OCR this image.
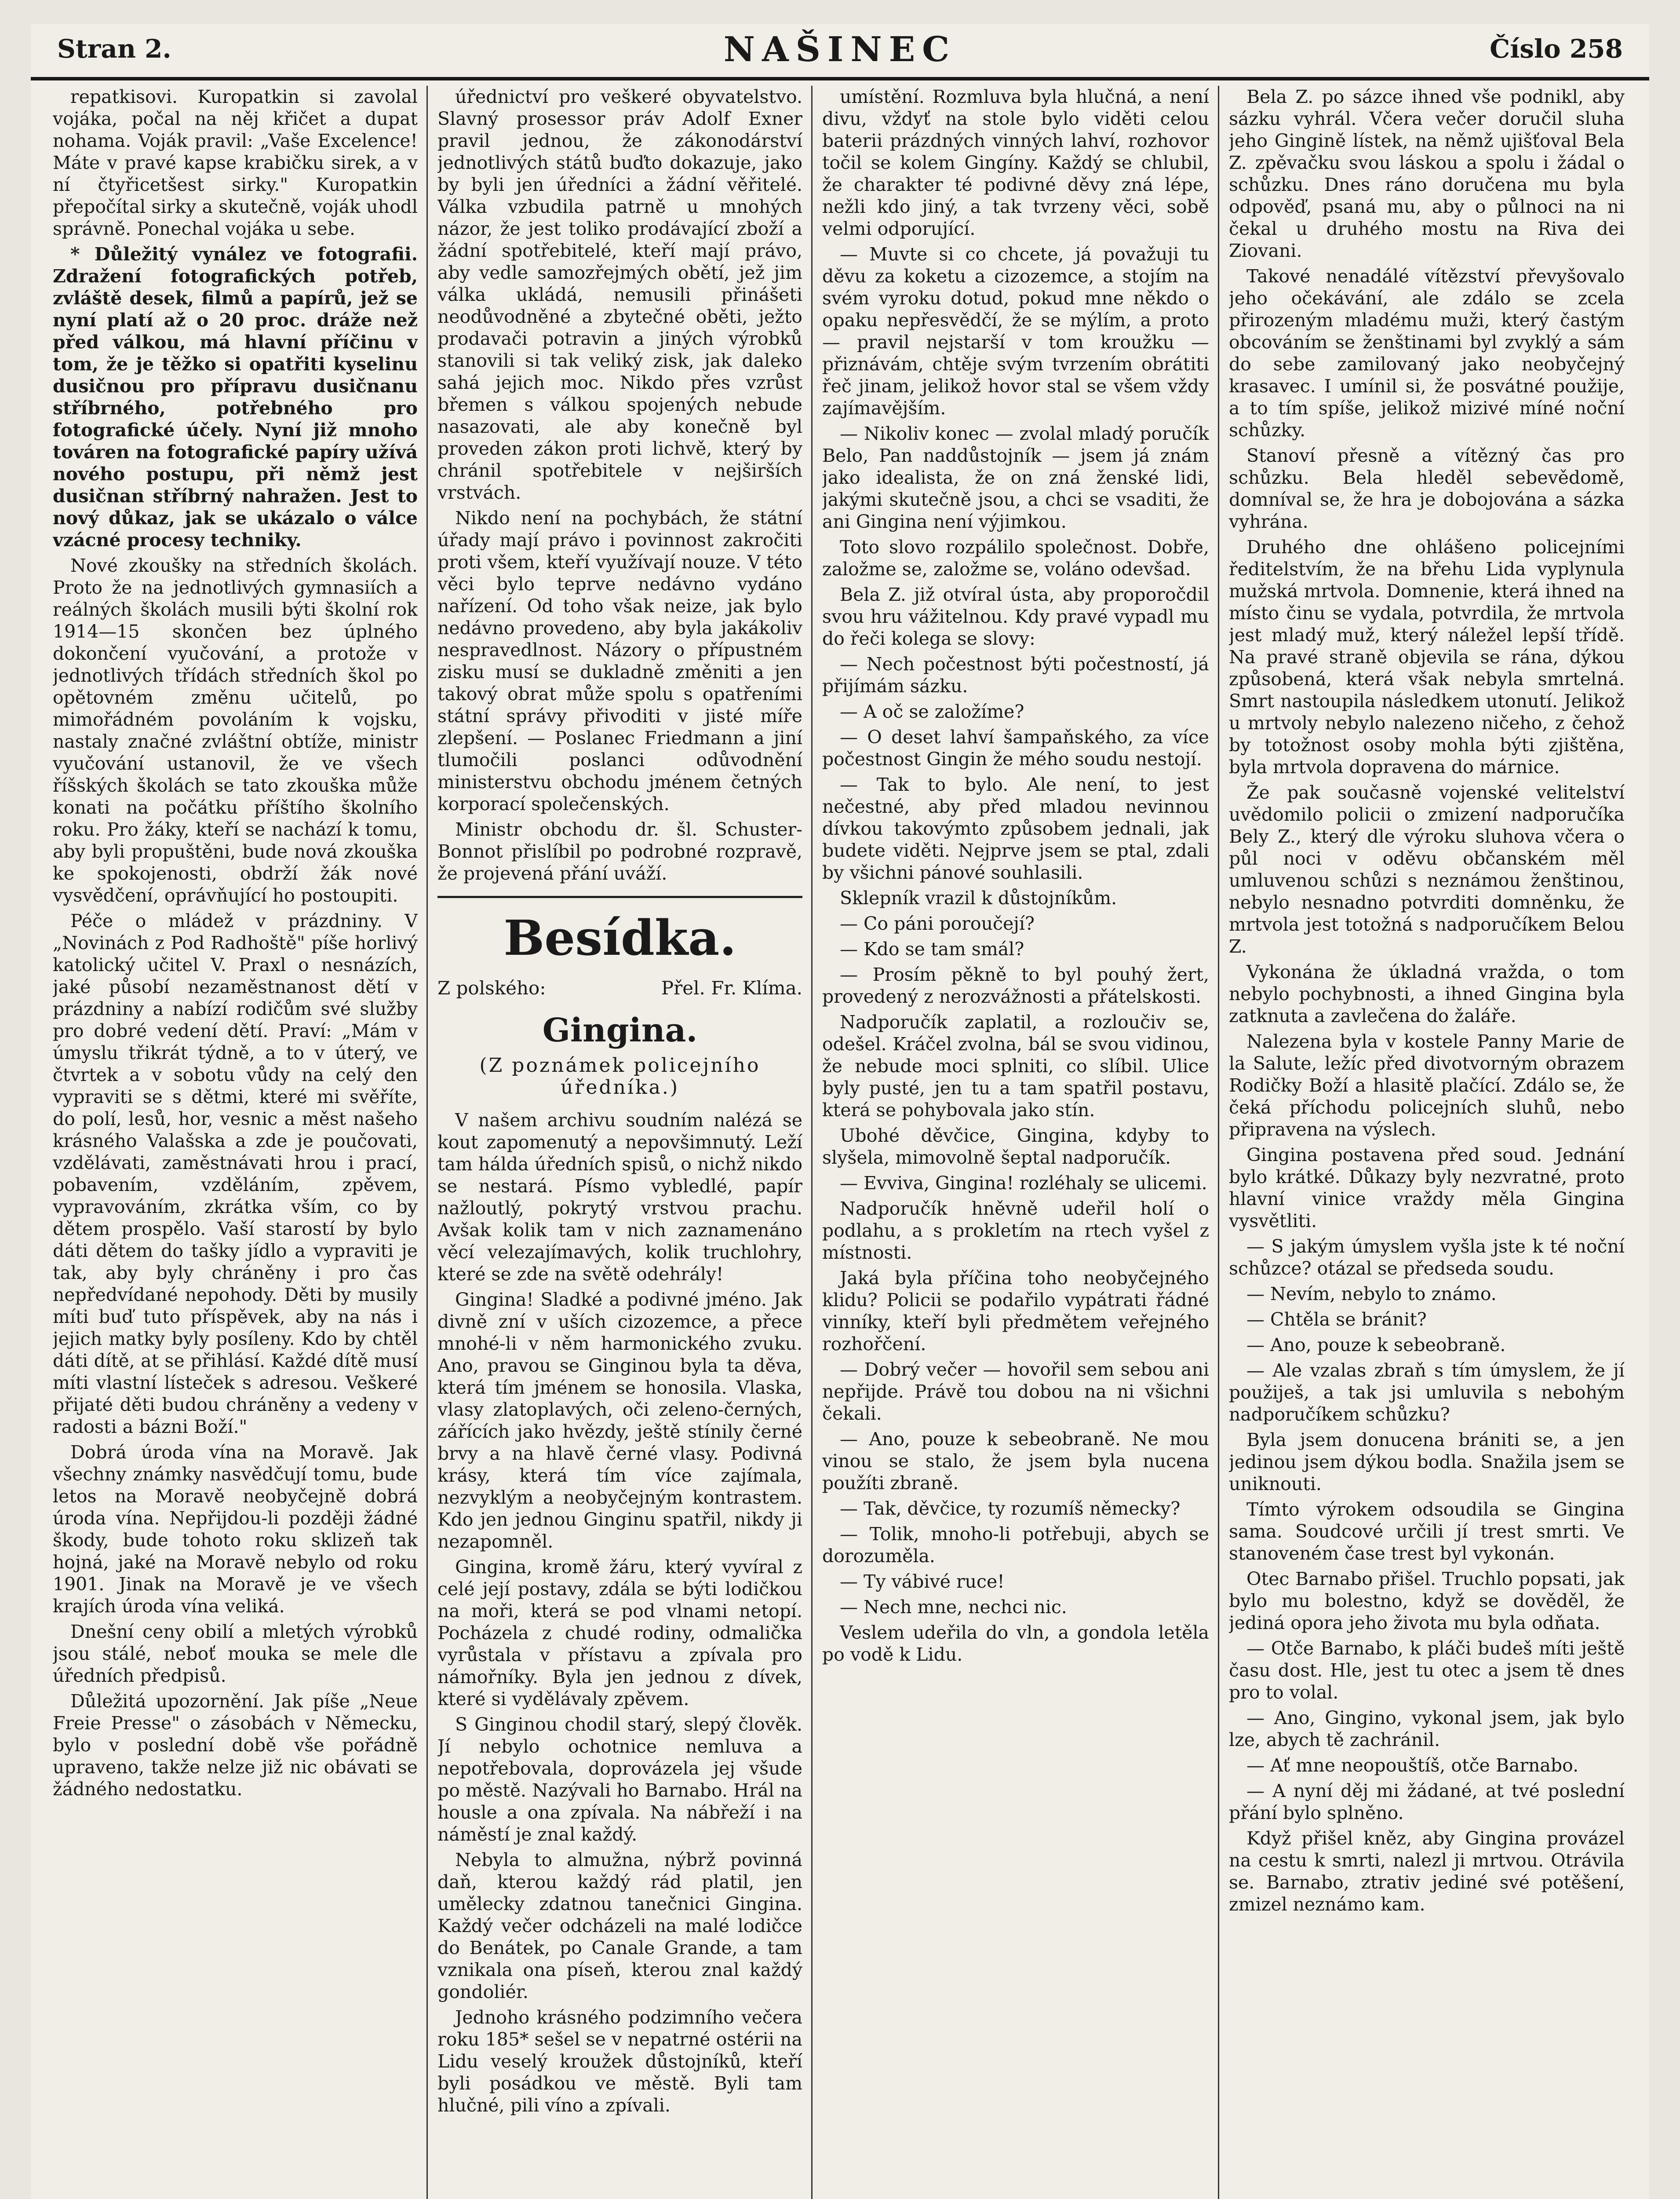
Stran 2.	NAŠINEC	Číslo 258

repatkisovi. Kuropatkin si zavolal vojáka, počal na něj křičet a dupat nohama. Voják pravil: „Vaše Excelence! Máte v pravé kapse krabičku sirek, a v ní čtyřicetšest sirky." Kuropatkin přepočítal sirky a skutečně, voják uhodl správně. Ponechal vojáka u sebe.

* Důležitý vynález ve fotografii. Zdražení fotografických potřeb, zvláště desek, filmů a papírů, jež se nyní platí až o 20 proc. dráže než před válkou, má hlavní příčinu v tom, že je těžko si opatřiti kyselinu dusičnou pro přípravu dusičnanu stříbrného, potřebného pro fotografické účely. Nyní již mnoho továren na fotografické papíry užívá nového postupu, při němž jest dusičnan stříbrný nahražen. Jest to nový důkaz, jak se ukázalo o válce vzácné procesy techniky.

Nové zkoušky na středních školách. Proto že na jednotlivých gymnasiích a reálných školách musili býti školní rok 1914—15 skončen bez úplného dokončení vyučování, a protože v jednotlivých třídách středních škol po opětovném změnu učitelů, po mimořádném povoláním k vojsku, nastaly značné zvláštní obtíže, ministr vyučování ustanovil, že ve všech říšských školách se tato zkouška může konati na počátku příštího školního roku. Pro žáky, kteří se nachází k tomu, aby byli propuštěni, bude nová zkouška ke spokojenosti, obdrží žák nové vysvědčení, oprávňující ho postoupiti.

Péče o mládež v prázdniny. V „Novinách z Pod Radhoště" píše horlivý katolický učitel V. Praxl o nesnázích, jaké působí nezaměstnanost dětí v prázdniny a nabízí rodičům své služby pro dobré vedení dětí. Praví: „Mám v úmyslu třikrát týdně, a to v úterý, ve čtvrtek a v sobotu vůdy na celý den vypraviti se s dětmi, které mi svěříte, do polí, lesů, hor, vesnic a měst našeho krásného Valašska a zde je poučovati, vzdělávati, zaměstnávati hrou i prací, pobavením, vzděláním, zpěvem, vypravováním, zkrátka vším, co by dětem prospělo. Vaší starostí by bylo dáti dětem do tašky jídlo a vypraviti je tak, aby byly chráněny i pro čas nepředvídané nepohody. Děti by musily míti buď tuto příspěvek, aby na nás i jejich matky byly posíleny. Kdo by chtěl dáti dítě, at se přihlásí. Každé dítě musí míti vlastní lísteček s adresou. Veškeré přijaté děti budou chráněny a vedeny v radosti a bázni Boží."

Dobrá úroda vína na Moravě. Jak všechny známky nasvědčují tomu, bude letos na Moravě neobyčejně dobrá úroda vína. Nepřijdou-li později žádné škody, bude tohoto roku sklizeň tak hojná, jaké na Moravě nebylo od roku 1901. Jinak na Moravě je ve všech krajích úroda vína veliká.

Dnešní ceny obilí a mletých výrobků jsou stálé, neboť mouka se mele dle úředních předpisů.

Důležitá upozornění. Jak píše „Neue Freie Presse" o zásobách v Německu, bylo v poslední době vše pořádně upraveno, takže nelze již nic obávati se žádného nedostatku.

úřednictví pro veškeré obyvatelstvo. Slavný prosessor práv Adolf Exner pravil jednou, že zákonodárství jednotlivých států buďto dokazuje, jako by byli jen úředníci a žádní věřitelé. Válka vzbudila patrně u mnohých názor, že jest toliko prodávající zboží a žádní spotřebitelé, kteří mají právo, aby vedle samozřejmých obětí, jež jim válka ukládá, nemusili přinášeti neodůvodněné a zbytečné oběti, ježto prodavači potravin a jiných výrobků stanovili si tak veliký zisk, jak daleko sahá jejich moc. Nikdo přes vzrůst břemen s válkou spojených nebude nasazovati, ale aby konečně byl proveden zákon proti lichvě, který by chránil spotřebitele v nejširších vrstvách.

Nikdo není na pochybách, že státní úřady mají právo i povinnost zakročiti proti všem, kteří využívají nouze. V této věci bylo teprve nedávno vydáno nařízení. Od toho však neize, jak bylo nedávno provedeno, aby byla jakákoliv nespravedlnost. Názory o přípustném zisku musí se dukladně změniti a jen takový obrat může spolu s opatřeními státní správy přivoditi v jisté míře zlepšení. — Poslanec Friedmann a jiní tlumočili poslanci odůvodnění ministerstvu obchodu jménem četných korporací společenských.

Ministr obchodu dr. šl. Schuster-Bonnot přislíbil po podrobné rozpravě, že projevená přání uváží.

Besídka.
Z polského:	Přel. Fr. Klíma.
Gingina.
(Z poznámek policejního úředníka.)

V našem archivu soudním nalézá se kout zapomenutý a nepovšimnutý. Leží tam hálda úředních spisů, o nichž nikdo se nestará. Písmo vybledlé, papír nažloutlý, pokrytý vrstvou prachu. Avšak kolik tam v nich zaznamenáno věcí velezajímavých, kolik truchlohry, které se zde na světě odehrály!

Gingina! Sladké a podivné jméno. Jak divně zní v uších cizozemce, a přece mnohé-li v něm harmonického zvuku. Ano, pravou se Ginginou byla ta děva, která tím jménem se honosila. Vlaska, vlasy zlatoplavých, oči zeleno-černých, zářících jako hvězdy, ještě stínily černé brvy a na hlavě černé vlasy. Podivná krásy, která tím více zajímala, nezvyklým a neobyčejným kontrastem. Kdo jen jednou Ginginu spatřil, nikdy ji nezapomněl.

Gingina, kromě žáru, který vyvíral z celé její postavy, zdála se býti lodičkou na moři, která se pod vlnami netopí. Pocházela z chudé rodiny, odmalička vyrůstala v přístavu a zpívala pro námořníky. Byla jen jednou z dívek, které si vydělávaly zpěvem.

S Ginginou chodil starý, slepý člověk. Jí nebylo ochotnice nemluva a nepotřebovala, doprovázela jej všude po městě. Nazývali ho Barnabo. Hrál na housle a ona zpívala. Na nábřeží i na náměstí je znal každý.

Nebyla to almužna, nýbrž povinná daň, kterou každý rád platil, jen umělecky zdatnou tanečnici Gingina. Každý večer odcházeli na malé lodičce do Benátek, po Canale Grande, a tam vznikala ona píseň, kterou znal každý gondoliér.

Jednoho krásného podzimního večera roku 185* sešel se v nepatrné ostérii na Lidu veselý kroužek důstojníků, kteří byli posádkou ve městě. Byli tam hlučné, pili víno a zpívali.

umístění. Rozmluva byla hlučná, a není divu, vždyť na stole bylo viděti celou baterii prázdných vinných lahví, rozhovor točil se kolem Gingíny. Každý se chlubil, že charakter té podivné děvy zná lépe, nežli kdo jiný, a tak tvrzeny věci, sobě velmi odporující.

— Muvte si co chcete, já považuji tu děvu za koketu a cizozemce, a stojím na svém vyroku dotud, pokud mne někdo o opaku nepřesvědčí, že se mýlím, a proto — pravil nejstarší v tom kroužku — přiznávám, chtěje svým tvrzením obrátiti řeč jinam, jelikož hovor stal se všem vždy zajímavějším.

— Nikoliv konec — zvolal mladý poručík Belo, Pan naddůstojník — jsem já znám jako idealista, že on zná ženské lidi, jakými skutečně jsou, a chci se vsaditi, že ani Gingina není výjimkou.

Toto slovo rozpálilo společnost. Dobře, založme se, založme se, voláno odevšad.

Bela Z. již otvíral ústa, aby proporočdil svou hru vážitelnou. Kdy pravé vypadl mu do řeči kolega se slovy:

— Nech počestnost býti počestností, já přijímám sázku.

— A oč se založíme?

— O deset lahví šampaňského, za více počestnost Gingin že mého soudu nestojí.

— Tak to bylo. Ale není, to jest nečestné, aby před mladou nevinnou dívkou takovýmto způsobem jednali, jak budete viděti. Nejprve jsem se ptal, zdali by všichni pánové souhlasili.

Sklepník vrazil k důstojníkům.

— Co páni poroučejí?

— Kdo se tam smál?

— Prosím pěkně to byl pouhý žert, provedený z nerozvážnosti a přátelskosti.

Nadporučík zaplatil, a rozloučiv se, odešel. Kráčel zvolna, bál se svou vidinou, že nebude moci splniti, co slíbil. Ulice byly pusté, jen tu a tam spatřil postavu, která se pohybovala jako stín.

Ubohé děvčice, Gingina, kdyby to slyšela, mimovolně šeptal nadporučík.

— Evviva, Gingina! rozléhaly se ulicemi.

Nadporučík hněvně udeřil holí o podlahu, a s prokletím na rtech vyšel z místnosti.

Jaká byla příčina toho neobyčejného klidu? Policii se podařilo vypátrati řádné vinníky, kteří byli předmětem veřejného rozhořčení.

— Dobrý večer — hovořil sem sebou ani nepřijde. Právě tou dobou na ni všichni čekali.

— Ano, pouze k sebeobraně. Ne mou vinou se stalo, že jsem byla nucena použíti zbraně.

— Tak, děvčice, ty rozumíš německy?

— Tolik, mnoho-li potřebuji, abych se dorozuměla.

— Ty vábivé ruce!

— Nech mne, nechci nic.

Veslem udeřila do vln, a gondola letěla po vodě k Lidu.

Bela Z. po sázce ihned vše podnikl, aby sázku vyhrál. Včera večer doručil sluha jeho Gingině lístek, na němž ujišťoval Bela Z. zpěvačku svou láskou a spolu i žádal o schůzku. Dnes ráno doručena mu byla odpověď, psaná mu, aby o půlnoci na ni čekal u druhého mostu na Riva dei Ziovani.

Takové nenadálé vítězství převyšovalo jeho očekávání, ale zdálo se zcela přirozeným mladému muži, který častým obcováním se ženštinami byl zvyklý a sám do sebe zamilovaný jako neobyčejný krasavec. I umínil si, že posvátné použije, a to tím spíše, jelikož mizivé míné noční schůzky.

Stanoví přesně a vítězný čas pro schůzku. Bela hleděl sebevědomě, domníval se, že hra je dobojována a sázka vyhrána.

Druhého dne ohlášeno policejními ředitelstvím, že na břehu Lida vyplynula mužská mrtvola. Domnenie, která ihned na místo činu se vydala, potvrdila, že mrtvola jest mladý muž, který náležel lepší třídě. Na pravé straně objevila se rána, dýkou způsobená, která však nebyla smrtelná. Smrt nastoupila následkem utonutí. Jelikož u mrtvoly nebylo nalezeno ničeho, z čehož by totožnost osoby mohla býti zjištěna, byla mrtvola dopravena do márnice.

Že pak současně vojenské velitelství uvědomilo policii o zmizení nadporučíka Bely Z., který dle výroku sluhova včera o půl noci v oděvu občanském měl umluvenou schůzi s neznámou ženštinou, nebylo nesnadno potvrditi domněnku, že mrtvola jest totožná s nadporučíkem Belou Z.

Vykonána že úkladná vražda, o tom nebylo pochybnosti, a ihned Gingina byla zatknuta a zavlečena do žaláře.

Nalezena byla v kostele Panny Marie de la Salute, ležíc před divotvorným obrazem Rodičky Boží a hlasitě plačící. Zdálo se, že čeká příchodu policejních sluhů, nebo připravena na výslech.

Gingina postavena před soud. Jednání bylo krátké. Důkazy byly nezvratné, proto hlavní vinice vraždy měla Gingina vysvětliti.

— S jakým úmyslem vyšla jste k té noční schůzce? otázal se předseda soudu.

— Nevím, nebylo to známo.

— Chtěla se bránit?

— Ano, pouze k sebeobraně.

— Ale vzalas zbraň s tím úmyslem, že jí použiješ, a tak jsi umluvila s nebohým nadporučíkem schůzku?

Byla jsem donucena brániti se, a jen jedinou jsem dýkou bodla. Snažila jsem se uniknouti.

Tímto výrokem odsoudila se Gingina sama. Soudcové určili jí trest smrti. Ve stanoveném čase trest byl vykonán.

Otec Barnabo přišel. Truchlo popsati, jak bylo mu bolestno, když se dověděl, že jediná opora jeho života mu byla odňata.

— Otče Barnabo, k pláči budeš míti ještě času dost. Hle, jest tu otec a jsem tě dnes pro to volal.

— Ano, Gingino, vykonal jsem, jak bylo lze, abych tě zachránil.

— Ať mne neopouštíš, otče Barnabo.

— A nyní děj mi žádané, at tvé poslední přání bylo splněno.

Když přišel kněz, aby Gingina provázel na cestu k smrti, nalezl ji mrtvou. Otrávila se. Barnabo, ztrativ jediné své potěšení, zmizel neznámo kam.
